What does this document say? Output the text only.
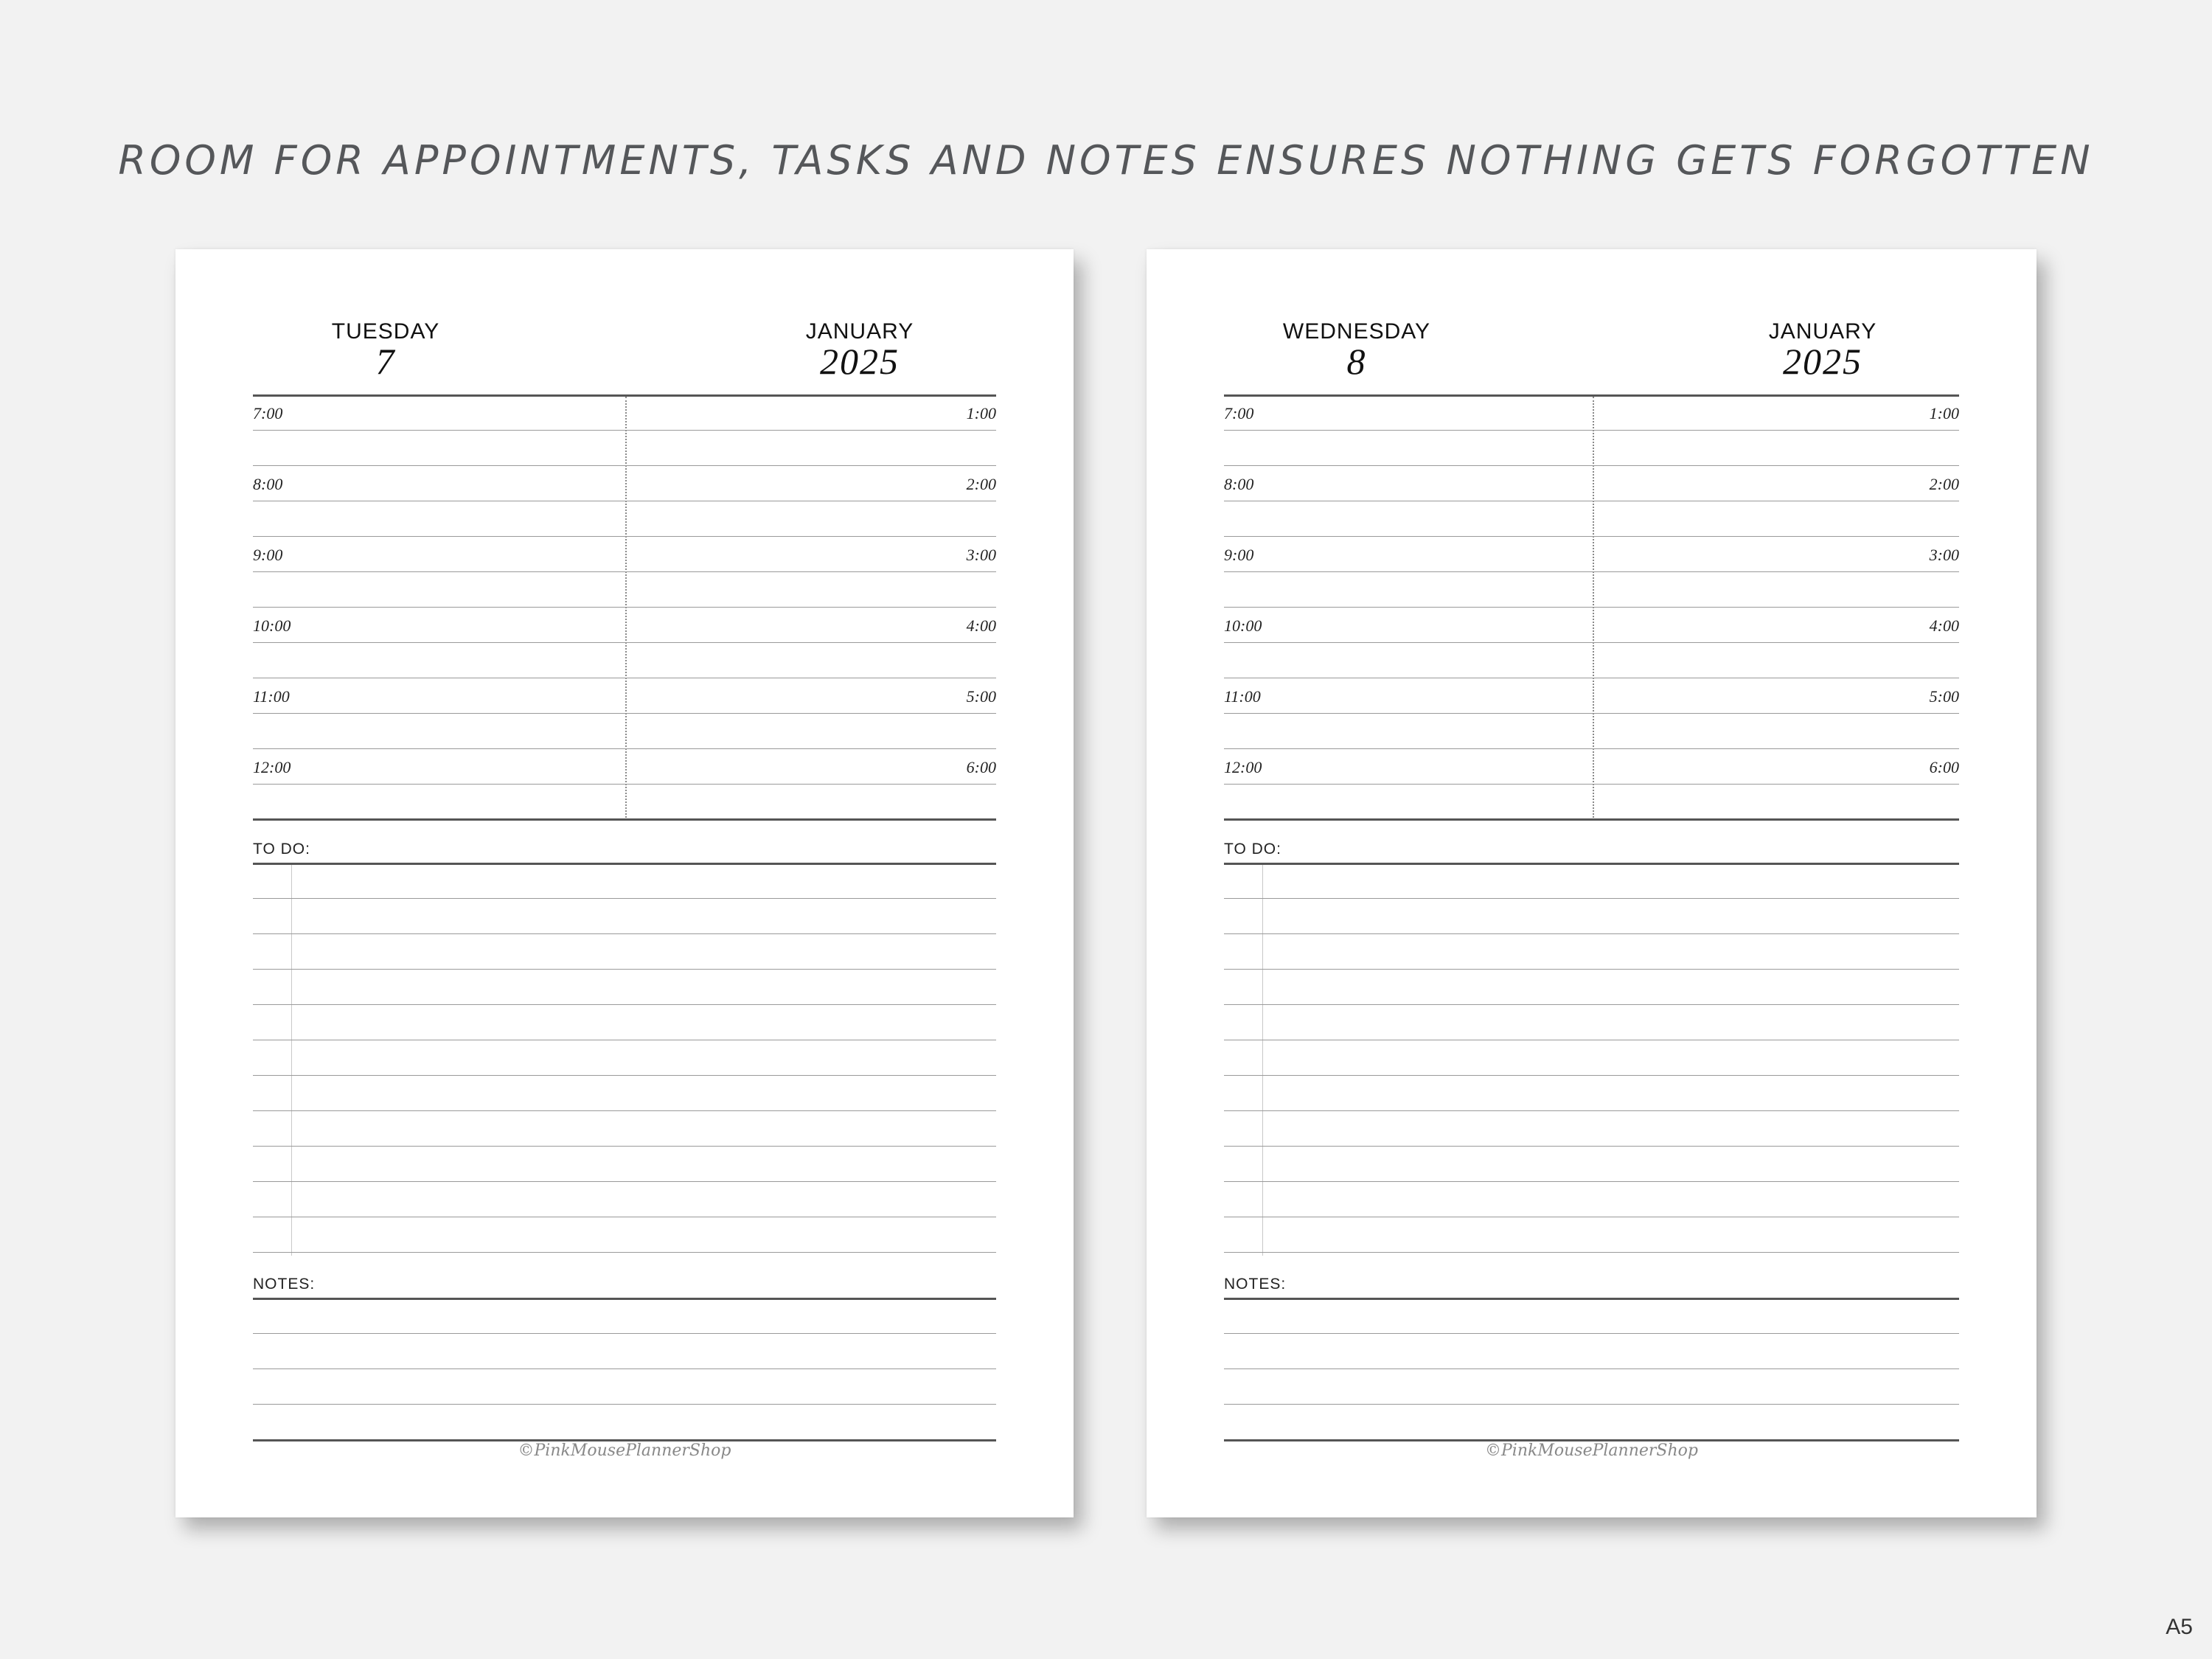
ROOM FOR APPOINTMENTS, TASKS AND NOTES ENSURES NOTHING GETS FORGOTTEN
TUESDAY
7
JANUARY
2025
TO DO:
NOTES:
©PinkMousePlannerShop
7:00
8:00
9:00
10:00
11:00
12:00
1:00
2:00
3:00
4:00
5:00
6:00
WEDNESDAY
8
JANUARY
2025
TO DO:
NOTES:
©PinkMousePlannerShop
7:00
8:00
9:00
10:00
11:00
12:00
1:00
2:00
3:00
4:00
5:00
6:00
A5
